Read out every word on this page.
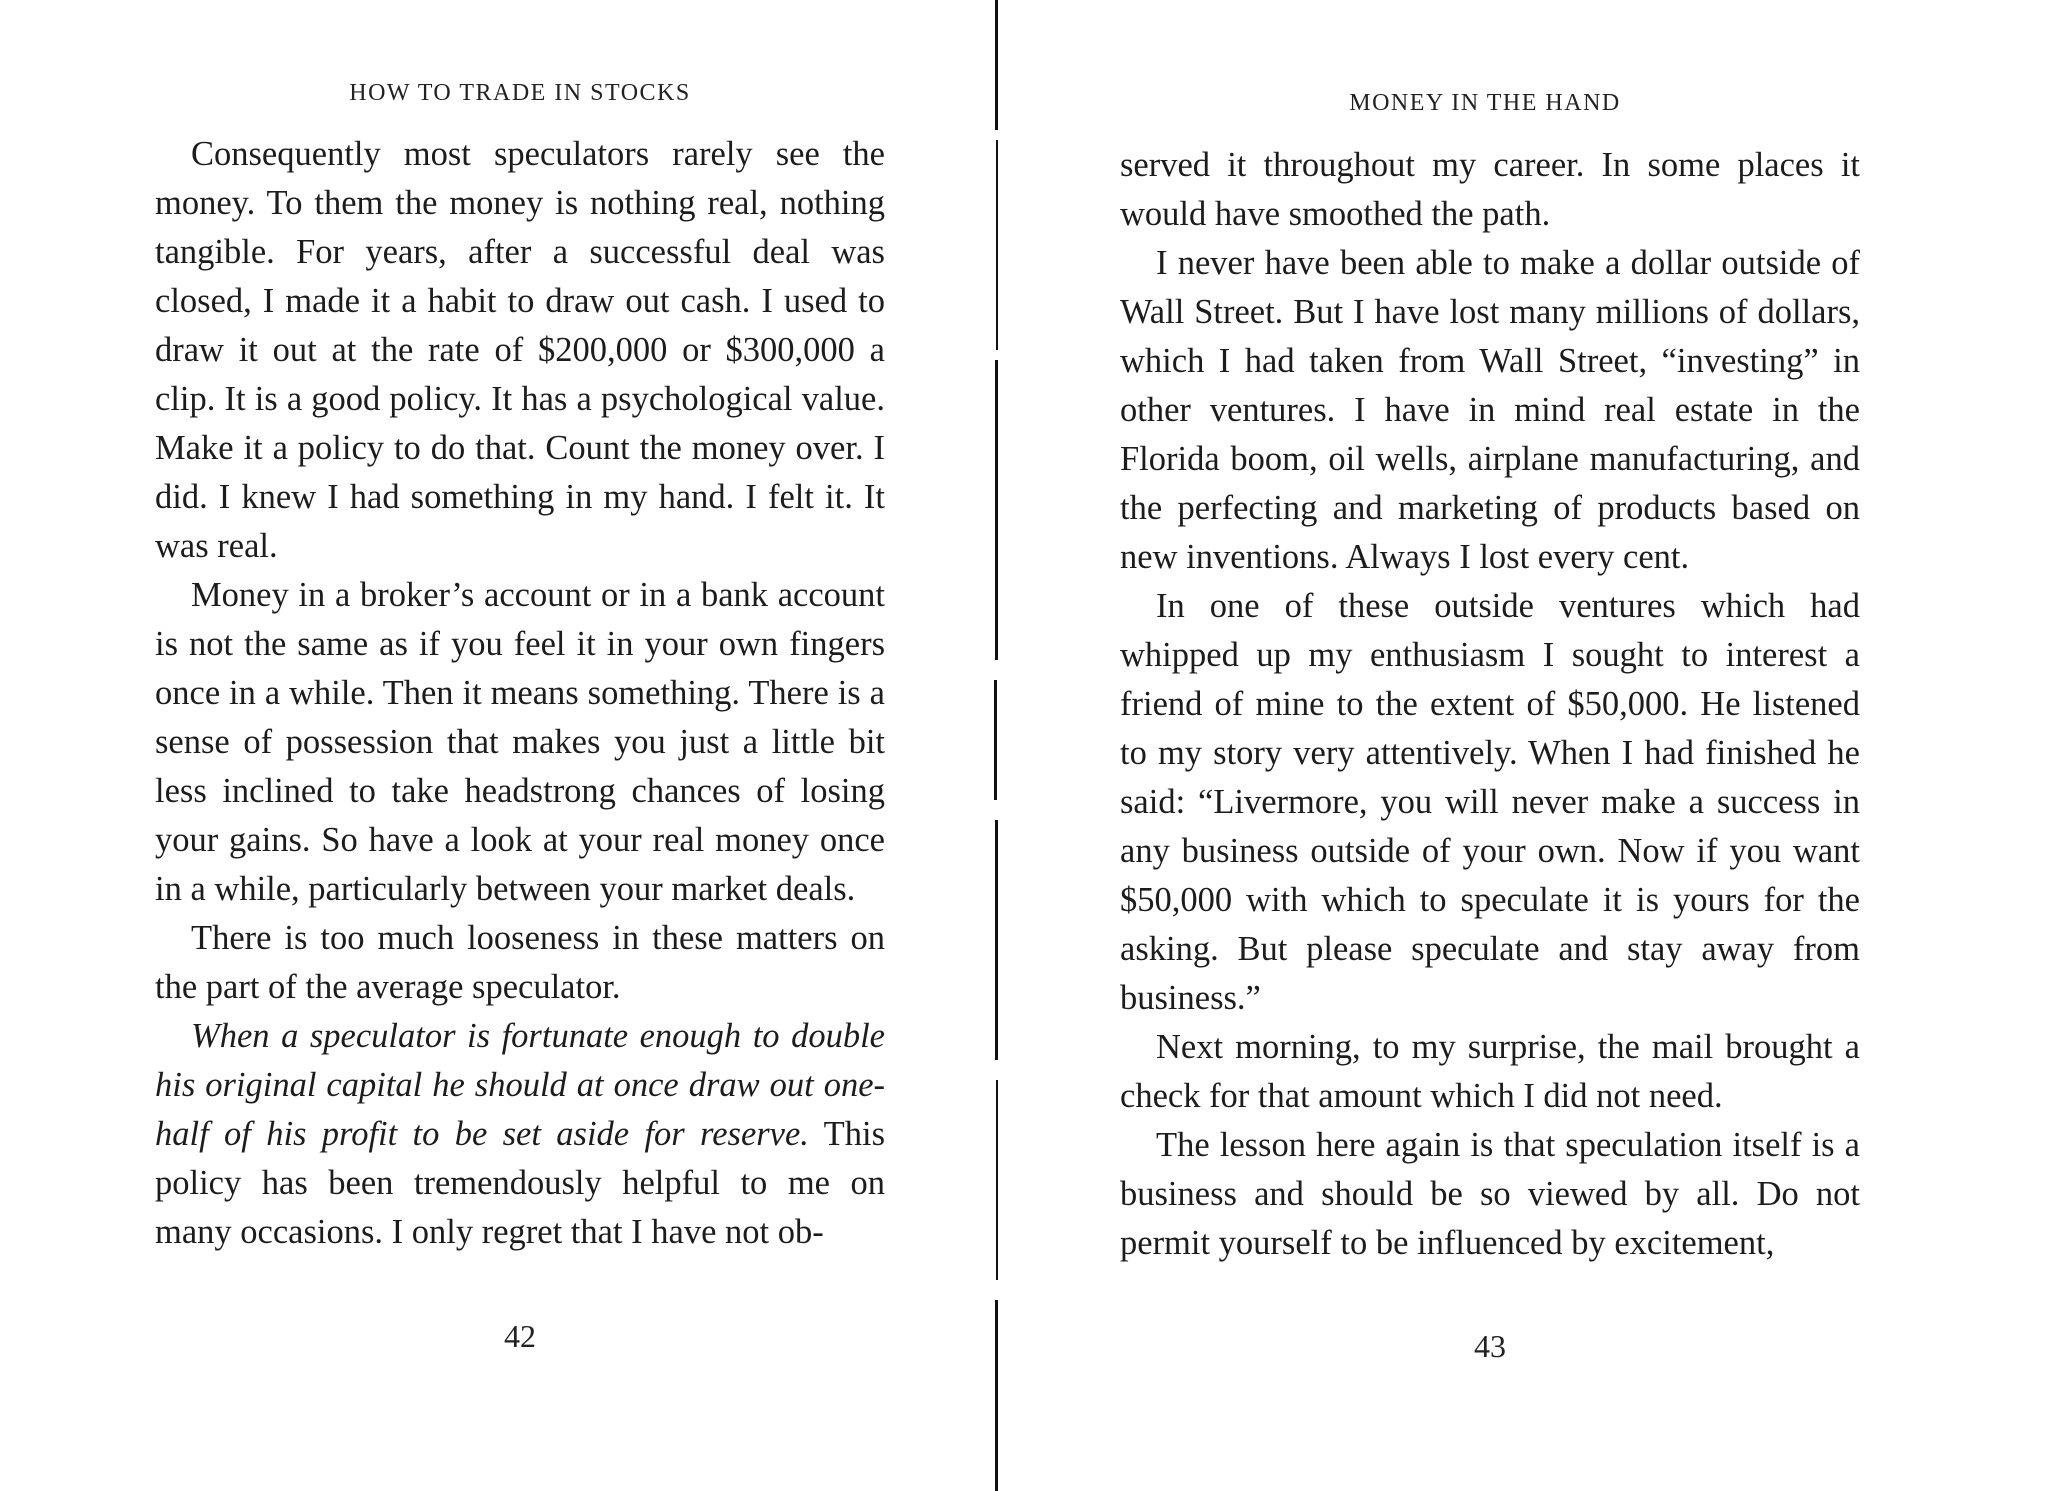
HOW TO TRADE IN STOCKS

Consequently most speculators rarely see the money. To them the money is nothing real, nothing tangible. For years, after a successful deal was closed, I made it a habit to draw out cash. I used to draw it out at the rate of $200,000 or $300,000 a clip. It is a good policy. It has a psychological value. Make it a policy to do that. Count the money over. I did. I knew I had something in my hand. I felt it. It was real.

Money in a broker’s account or in a bank account is not the same as if you feel it in your own fingers once in a while. Then it means something. There is a sense of possession that makes you just a little bit less inclined to take headstrong chances of losing your gains. So have a look at your real money once in a while, particularly between your market deals.

There is too much looseness in these matters on the part of the average speculator.

When a speculator is fortunate enough to double his original capital he should at once draw out one-half of his profit to be set aside for reserve. This policy has been tremendously helpful to me on many occasions. I only regret that I have not ob-

42
MONEY IN THE HAND

served it throughout my career. In some places it would have smoothed the path.

I never have been able to make a dollar outside of Wall Street. But I have lost many millions of dollars, which I had taken from Wall Street, “investing” in other ventures. I have in mind real estate in the Florida boom, oil wells, airplane manufacturing, and the perfecting and marketing of products based on new inventions. Always I lost every cent.

In one of these outside ventures which had whipped up my enthusiasm I sought to interest a friend of mine to the extent of $50,000. He listened to my story very attentively. When I had finished he said: “Livermore, you will never make a success in any business outside of your own. Now if you want $50,000 with which to speculate it is yours for the asking. But please speculate and stay away from business.”

Next morning, to my surprise, the mail brought a check for that amount which I did not need.

The lesson here again is that speculation itself is a business and should be so viewed by all. Do not permit yourself to be influenced by excitement,

43
